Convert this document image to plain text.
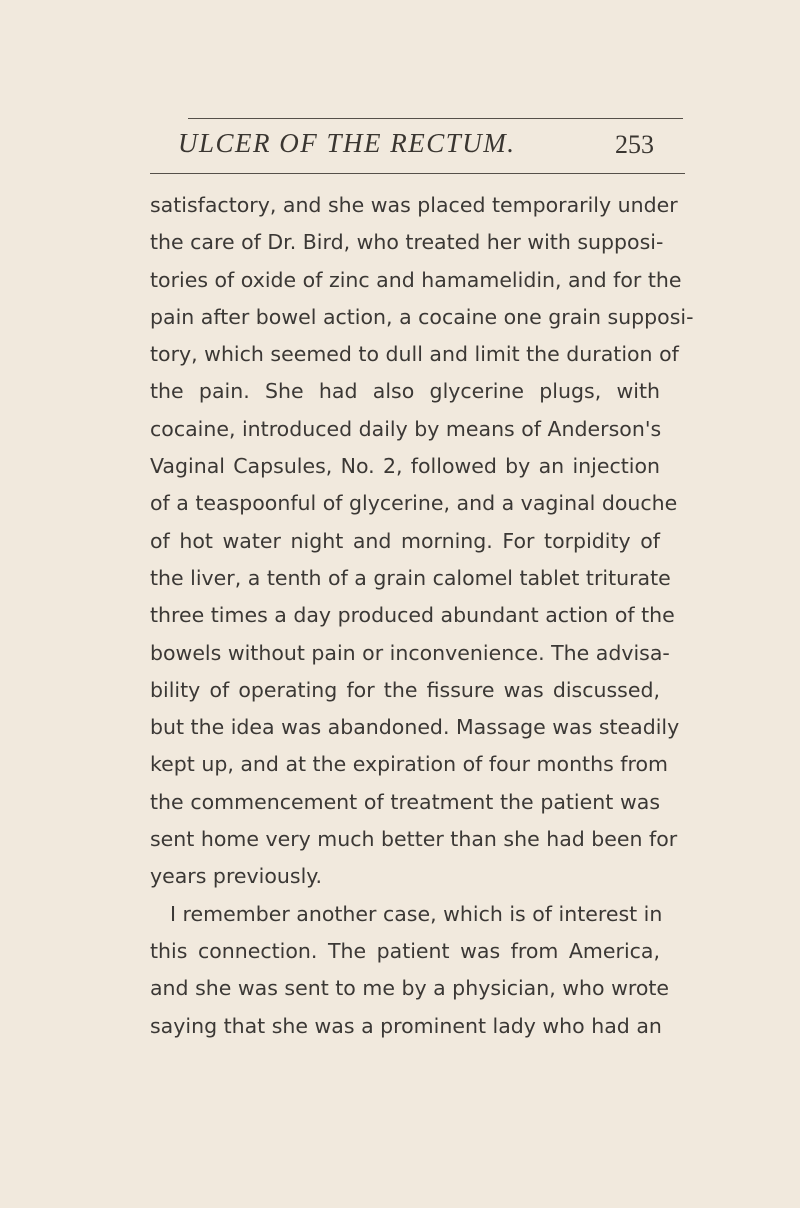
ULCER OF THE RECTUM.	253
satisfactory, and she was placed temporarily under
the care of Dr. Bird, who treated her with supposi-
tories of oxide of zinc and hamamelidin, and for the
pain after bowel action, a cocaine one grain supposi-
tory, which seemed to dull and limit the duration of
the pain. She had also glycerine plugs, with
cocaine, introduced daily by means of Anderson's
Vaginal Capsules, No. 2, followed by an injection
of a teaspoonful of glycerine, and a vaginal douche
of hot water night and morning. For torpidity of
the liver, a tenth of a grain calomel tablet triturate
three times a day produced abundant action of the
bowels without pain or inconvenience. The advisa-
bility of operating for the fissure was discussed,
but the idea was abandoned. Massage was steadily
kept up, and at the expiration of four months from
the commencement of treatment the patient was
sent home very much better than she had been for
years previously.
I remember another case, which is of interest in
this connection. The patient was from America,
and she was sent to me by a physician, who wrote
saying that she was a prominent lady who had an
